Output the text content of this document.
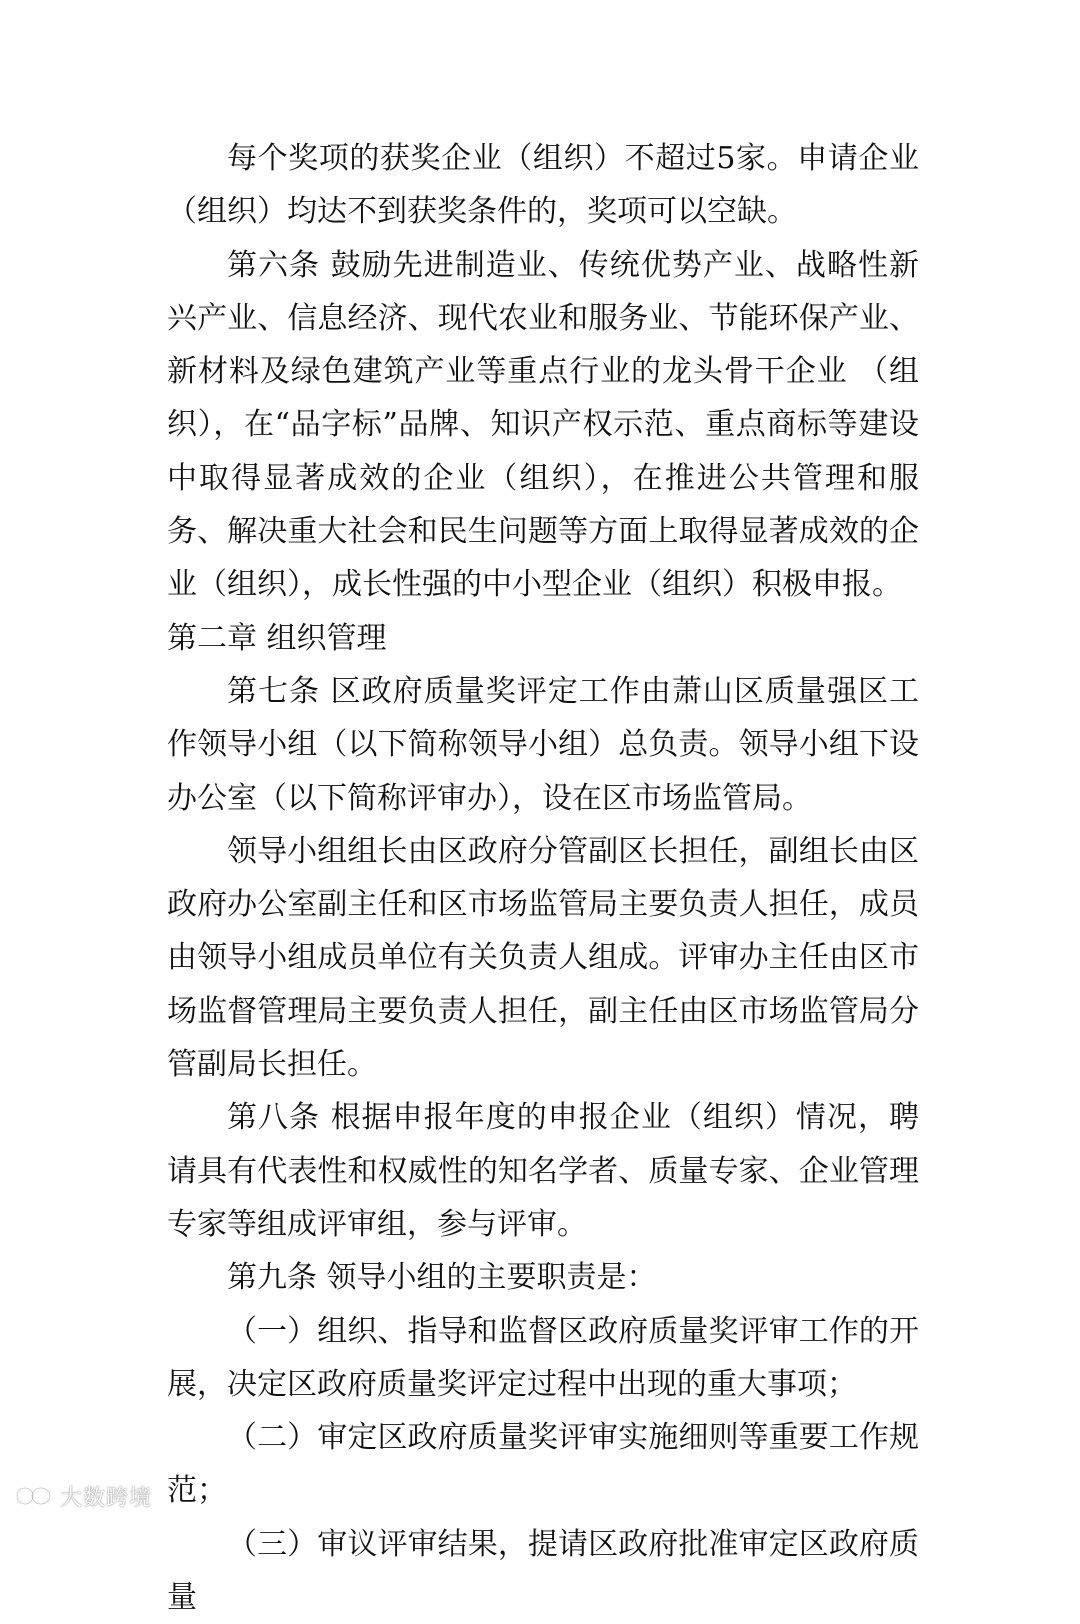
每个奖项的获奖企业（组织）不超过5家。申请企业（组织）均达不到获奖条件的，奖项可以空缺。

第六条 鼓励先进制造业、传统优势产业、战略性新兴产业、信息经济、现代农业和服务业、节能环保产业、新材料及绿色建筑产业等重点行业的龙头骨干企业 （组织），在“品字标”品牌、知识产权示范、重点商标等建设中取得显著成效的企业（组织），在推进公共管理和服务、解决重大社会和民生问题等方面上取得显著成效的企业（组织），成长性强的中小型企业（组织）积极申报。

第二章 组织管理

第七条 区政府质量奖评定工作由萧山区质量强区工作领导小组（以下简称领导小组）总负责。领导小组下设办公室（以下简称评审办），设在区市场监管局。

领导小组组长由区政府分管副区长担任，副组长由区政府办公室副主任和区市场监管局主要负责人担任，成员由领导小组成员单位有关负责人组成。评审办主任由区市场监督管理局主要负责人担任，副主任由区市场监管局分管副局长担任。

第八条 根据申报年度的申报企业（组织）情况，聘请具有代表性和权威性的知名学者、质量专家、企业管理专家等组成评审组，参与评审。

第九条 领导小组的主要职责是：

（一）组织、指导和监督区政府质量奖评审工作的开展，决定区政府质量奖评定过程中出现的重大事项；

（二）审定区政府质量奖评审实施细则等重要工作规范；

（三）审议评审结果，提请区政府批准审定区政府质量

大数跨境
